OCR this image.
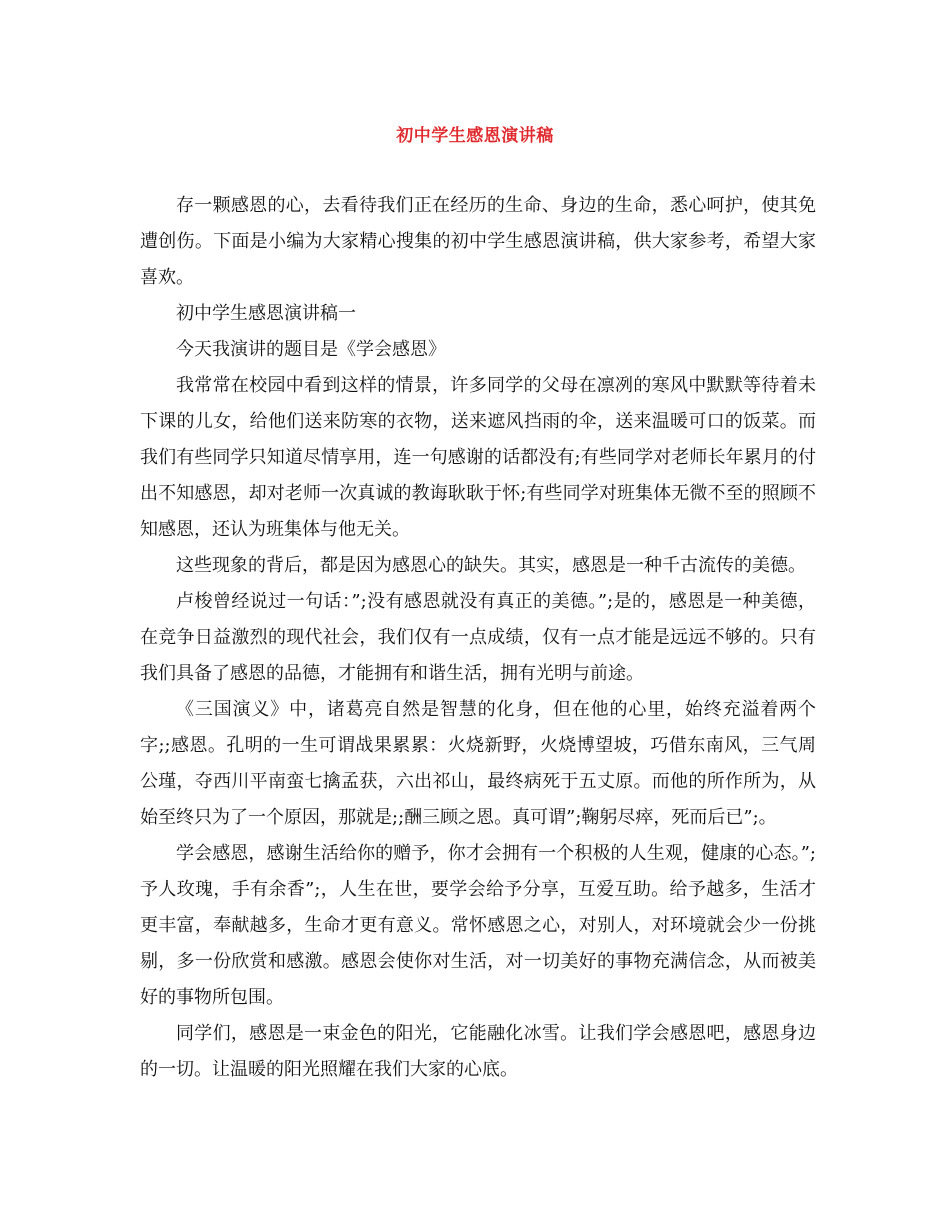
初中学生感恩演讲稿

存一颗感恩的心，去看待我们正在经历的生命、身边的生命，悉心呵护，使其免遭创伤。下面是小编为大家精心搜集的初中学生感恩演讲稿，供大家参考，希望大家喜欢。

初中学生感恩演讲稿一

今天我演讲的题目是《学会感恩》

我常常在校园中看到这样的情景，许多同学的父母在凛冽的寒风中默默等待着未下课的儿女，给他们送来防寒的衣物，送来遮风挡雨的伞，送来温暖可口的饭菜。而我们有些同学只知道尽情享用，连一句感谢的话都没有;有些同学对老师长年累月的付出不知感恩，却对老师一次真诚的教诲耿耿于怀;有些同学对班集体无微不至的照顾不知感恩，还认为班集体与他无关。

这些现象的背后，都是因为感恩心的缺失。其实，感恩是一种千古流传的美德。

卢梭曾经说过一句话：”;没有感恩就没有真正的美德。”;是的，感恩是一种美德，在竞争日益激烈的现代社会，我们仅有一点成绩，仅有一点才能是远远不够的。只有我们具备了感恩的品德，才能拥有和谐生活，拥有光明与前途。

《三国演义》中，诸葛亮自然是智慧的化身，但在他的心里，始终充溢着两个字;;感恩。孔明的一生可谓战果累累：火烧新野，火烧博望坡，巧借东南风，三气周公瑾，夺西川平南蛮七擒孟获，六出祁山，最终病死于五丈原。而他的所作所为，从始至终只为了一个原因，那就是;;酬三顾之恩。真可谓”;鞠躬尽瘁，死而后已”;。

学会感恩，感谢生活给你的赠予，你才会拥有一个积极的人生观，健康的心态。”;予人玫瑰，手有余香”;，人生在世，要学会给予分享，互爱互助。给予越多，生活才更丰富，奉献越多，生命才更有意义。常怀感恩之心，对别人，对环境就会少一份挑剔，多一份欣赏和感激。感恩会使你对生活，对一切美好的事物充满信念，从而被美好的事物所包围。

同学们，感恩是一束金色的阳光，它能融化冰雪。让我们学会感恩吧，感恩身边的一切。让温暖的阳光照耀在我们大家的心底。
